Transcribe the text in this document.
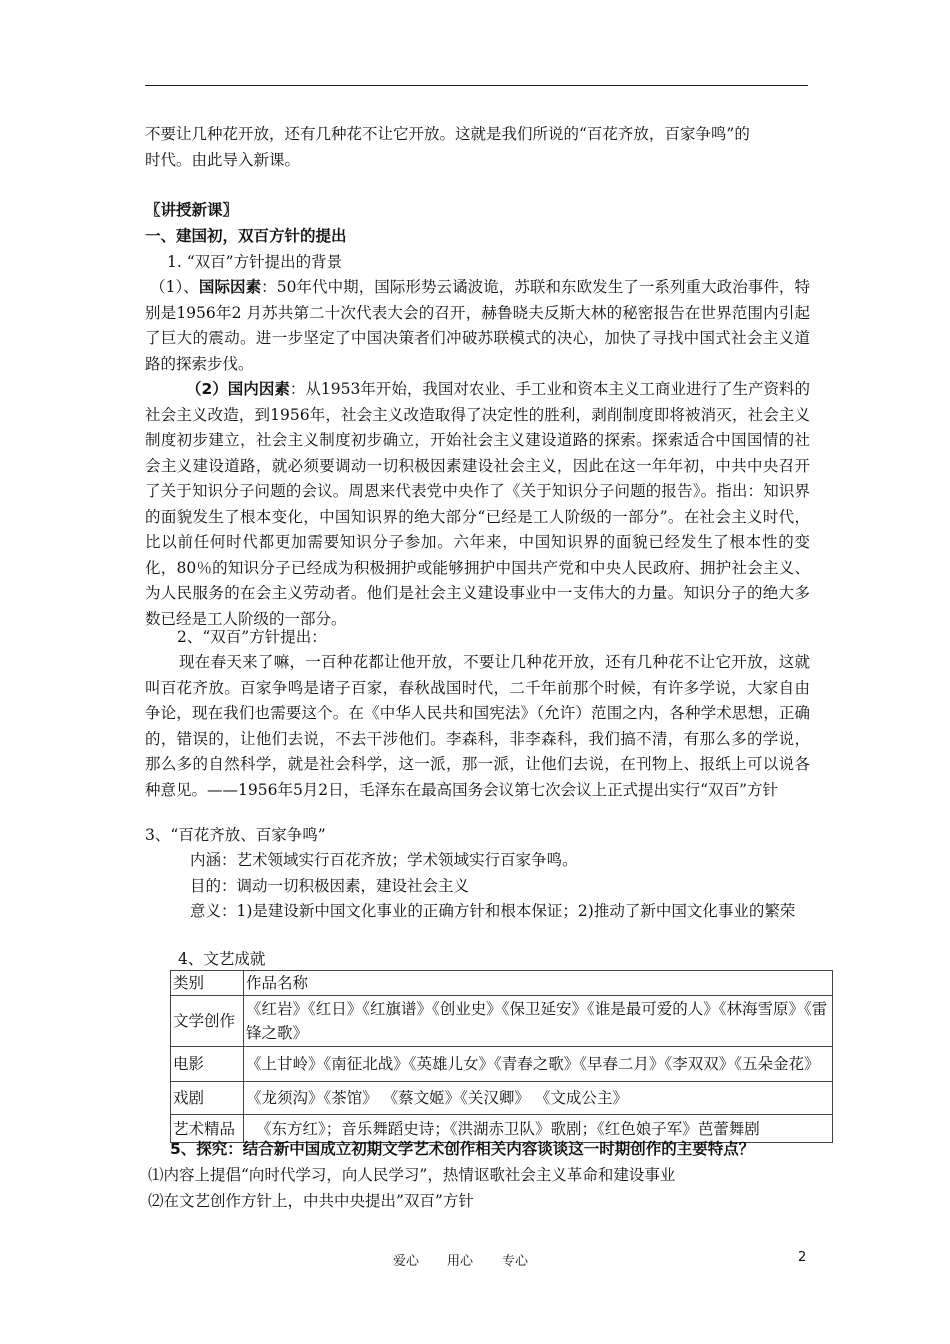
不要让几种花开放，还有几种花不让它开放。这就是我们所说的“百花齐放，百家争鸣”的
时代。由此导入新课。
〖讲授新课〗
一、建国初，双百方针的提出
1. “双百”方针提出的背景
（1）、国际因素：50年代中期，国际形势云谲波诡，苏联和东欧发生了一系列重大政治事件，特别是1956年2 月苏共第二十次代表大会的召开，赫鲁晓夫反斯大林的秘密报告在世界范围内引起了巨大的震动。进一步坚定了中国决策者们冲破苏联模式的决心，加快了寻找中国式社会主义道路的探索步伐。
（2）国内因素：从1953年开始，我国对农业、手工业和资本主义工商业进行了生产资料的社会主义改造，到1956年，社会主义改造取得了决定性的胜利，剥削制度即将被消灭，社会主义制度初步建立，社会主义制度初步确立，开始社会主义建设道路的探索。探索适合中国国情的社会主义建设道路，就必须要调动一切积极因素建设社会主义，因此在这一年年初，中共中央召开了关于知识分子问题的会议。周恩来代表党中央作了《关于知识分子问题的报告》。指出：知识界的面貌发生了根本变化，中国知识界的绝大部分“已经是工人阶级的一部分”。在社会主义时代，比以前任何时代都更加需要知识分子参加。六年来，中国知识界的面貌已经发生了根本性的变化，80％的知识分子已经成为积极拥护或能够拥护中国共产党和中央人民政府、拥护社会主义、为人民服务的在会主义劳动者。他们是社会主义建设事业中一支伟大的力量。知识分子的绝大多数已经是工人阶级的一部分。
2、“双百”方针提出：
现在春天来了嘛，一百种花都让他开放，不要让几种花开放，还有几种花不让它开放，这就叫百花齐放。百家争鸣是诸子百家，春秋战国时代，二千年前那个时候，有许多学说，大家自由争论，现在我们也需要这个。在《中华人民共和国宪法》（允许）范围之内，各种学术思想，正确的，错误的，让他们去说，不去干涉他们。李森科，非李森科，我们搞不清，有那么多的学说，那么多的自然科学，就是社会科学，这一派，那一派，让他们去说，在刊物上、报纸上可以说各种意见。——1956年5月2日，毛泽东在最高国务会议第七次会议上正式提出实行“双百”方针
3、“百花齐放、百家争鸣”
内涵：艺术领域实行百花齐放；学术领域实行百家争鸣。
目的：调动一切积极因素，建设社会主义
意义：1)是建设新中国文化事业的正确方针和根本保证；2)推动了新中国文化事业的繁荣
4、文艺成就
类别	作品名称
文学创作	《红岩》《红日》《红旗谱》《创业史》《保卫延安》《谁是最可爱的人》《林海雪原》《雷锋之歌》
电影	《上甘岭》《南征北战》《英雄儿女》《青春之歌》《早春二月》《李双双》《五朵金花》
戏剧	《龙须沟》《茶馆》 《蔡文姬》《关汉卿》 《文成公主》
艺术精品	《东方红》；音乐舞蹈史诗；《洪湖赤卫队》歌剧；《红色娘子军》芭蕾舞剧
5、探究：结合新中国成立初期文学艺术创作相关内容谈谈这一时期创作的主要特点？
⑴内容上提倡“向时代学习，向人民学习”，热情讴歌社会主义革命和建设事业
⑵在文艺创作方针上，中共中央提出”双百”方针
爱心 用心 专心	2
